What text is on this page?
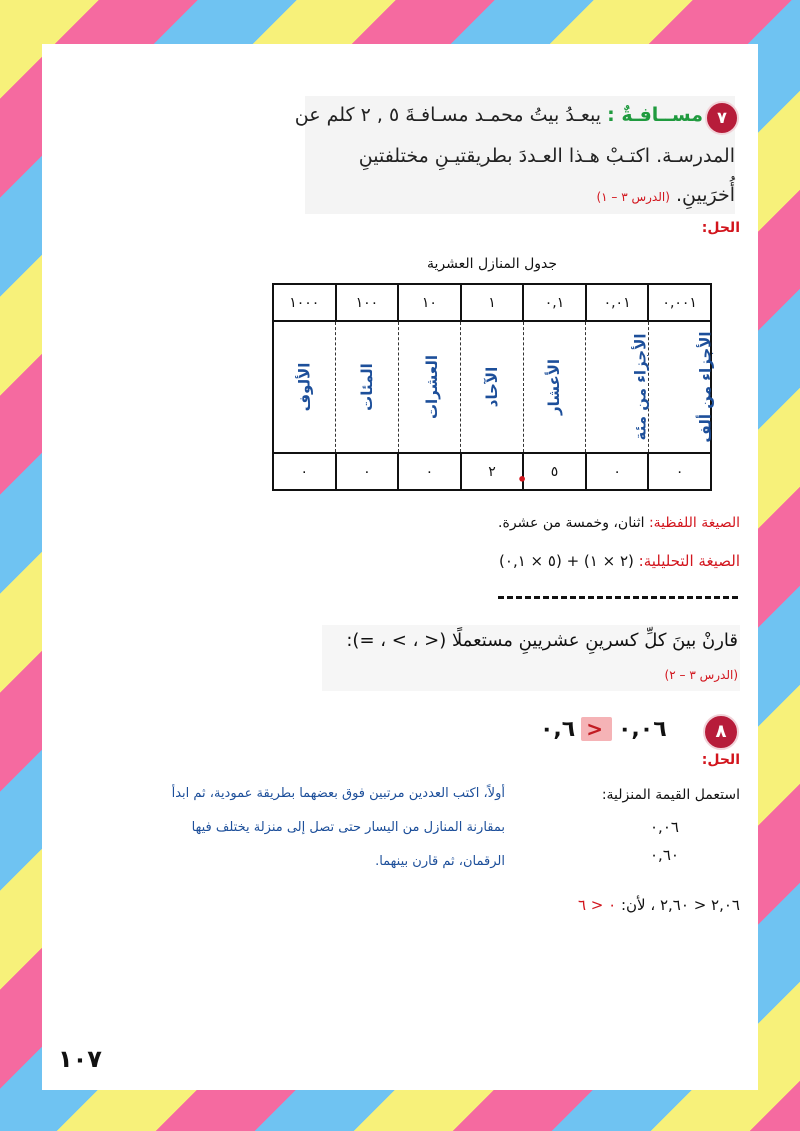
٧
مســافـةٌ : يبعـدُ بيتُ محمـد مسـافـةَ ٥ , ٢ كلم عن
المدرسـة. اكتـبْ هـذا العـددَ بطريقتيـنِ مختلفتينِ
أُخرَيينِ. (الدرس ٣ – ١)
الحل:
جدول المنازل العشرية
١٠٠٠	١٠٠	١٠	١	٠,١	٠,٠١	٠,٠٠١
الألوف	المئات	العشرات	الآحاد	الأعشار	الأجزاء من مئة	الأجزاء من ألف
٠	٠	٠	٢	٥	٠	٠
•
الصيغة اللفظية: اثنان، وخمسة من عشرة.
الصيغة التحليلية: (٢ × ١) + (٥ × ٠,١)
قارنْ بينَ كلِّ كسرينِ عشريينِ مستعملًا (< ، > ، =):
(الدرس ٣ – ٢)
٨
٠,٠٦<٠,٦
الحل:
استعمل القيمة المنزلية:
٠,٠٦
٠,٦٠
أولاً، اكتب العددين مرتبين فوق بعضهما بطريقة عمودية، ثم ابدأ
بمقارنة المنازل من اليسار حتى تصل إلى منزلة يختلف فيها
الرقمان، ثم قارن بينهما.
٢,٠٦ < ٢,٦٠ ، لأن: ٠ < ٦
١٠٧
